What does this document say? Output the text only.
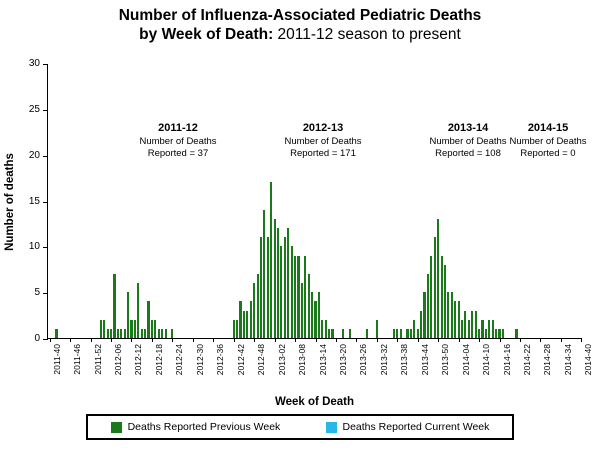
Number of Influenza-Associated Pediatric Deaths
by Week of Death: 2011-12 season to present
Number of deaths
0
5
10
15
20
25
30
2011-40 2011-46 2011-52 2012-06 2012-12 2012-18 2012-24 2012-30 2012-36 2012-42 2012-48 2013-02 2013-08 2013-14 2013-20 2013-26 2013-32 2013-38 2013-44 2013-50 2014-04 2014-10 2014-16 2014-22 2014-28 2014-34 2014-40
2011-12
Number of Deaths
Reported = 37
2012-13
Number of Deaths
Reported = 171
2013-14
Number of Deaths
Reported = 108
2014-15
Number of Deaths
Reported = 0
Week of Death
Deaths Reported Previous Week	Deaths Reported Current Week
